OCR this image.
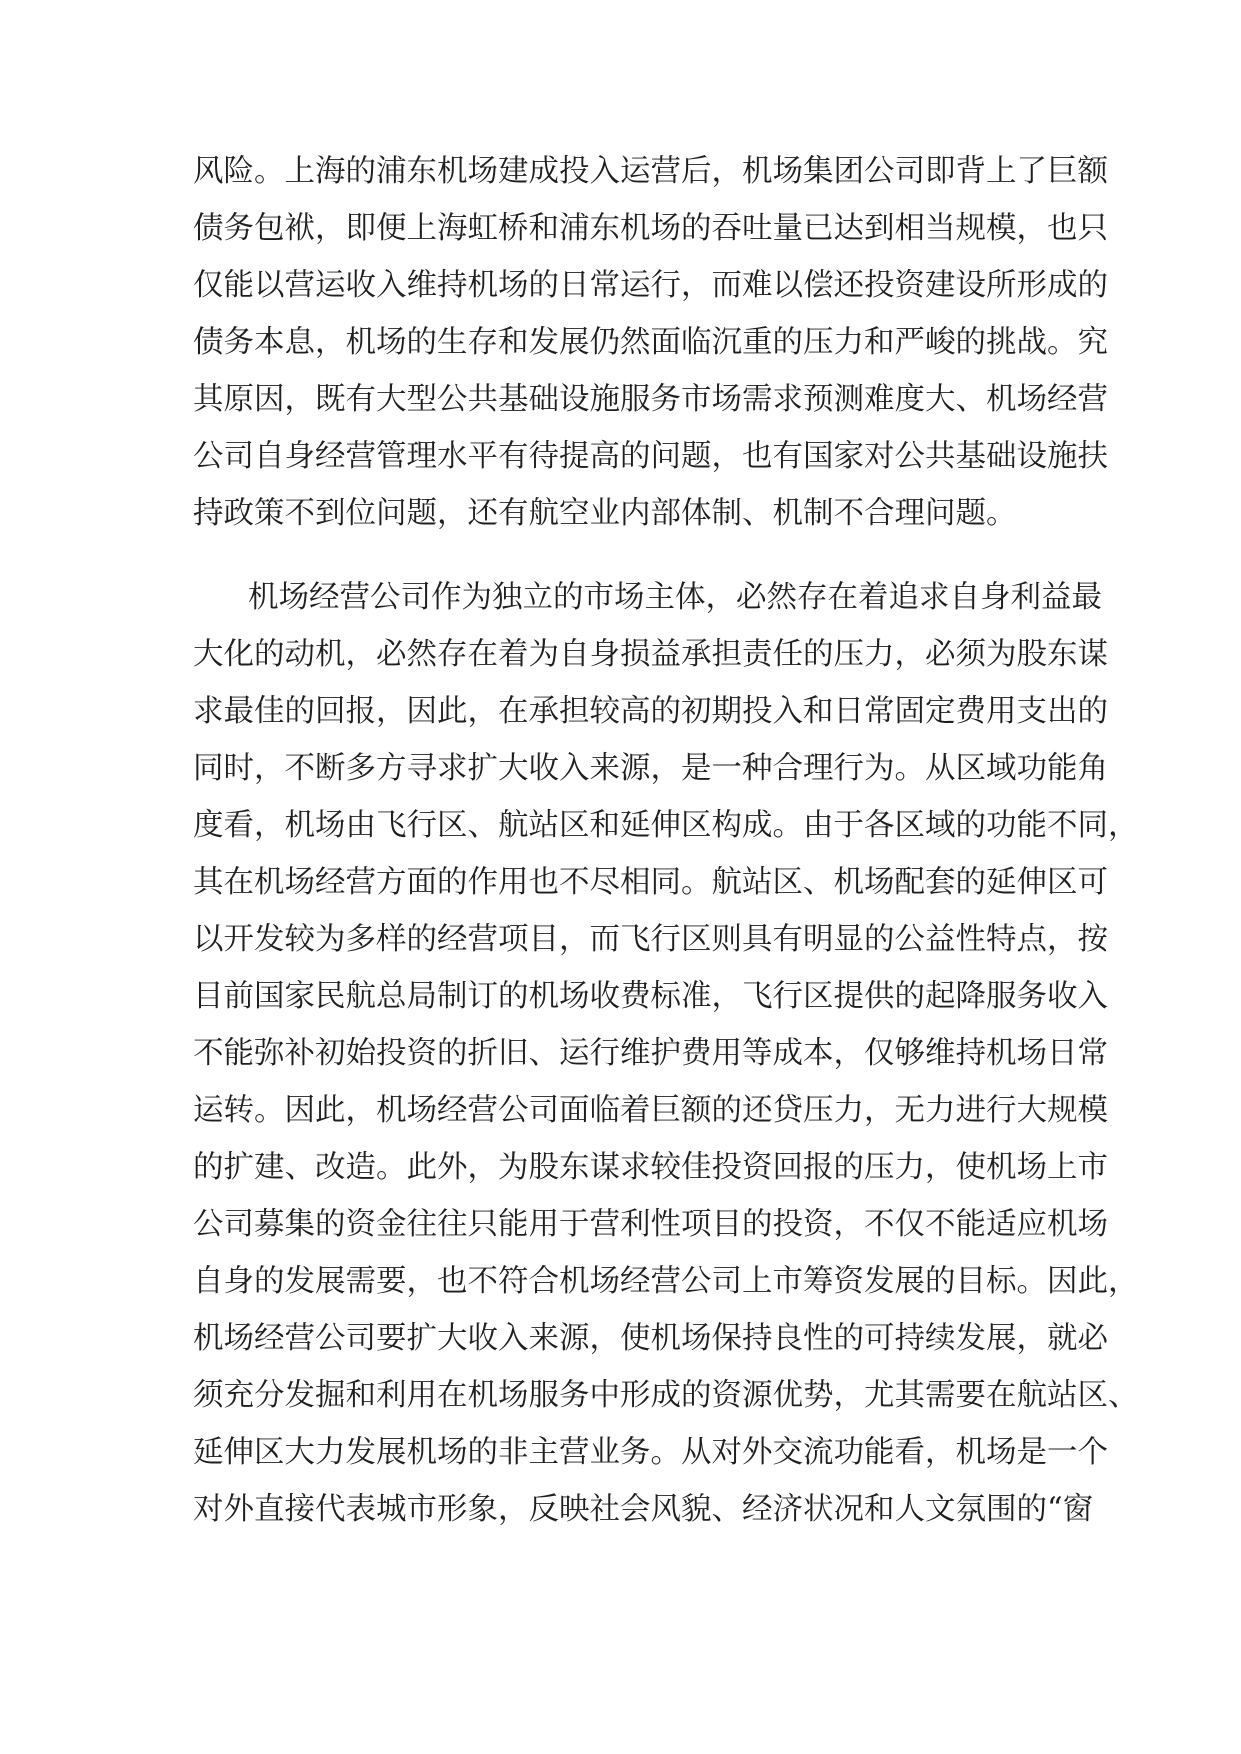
风险。上海的浦东机场建成投入运营后，机场集团公司即背上了巨额
债务包袱，即便上海虹桥和浦东机场的吞吐量已达到相当规模，也只
仅能以营运收入维持机场的日常运行，而难以偿还投资建设所形成的
债务本息，机场的生存和发展仍然面临沉重的压力和严峻的挑战。究
其原因，既有大型公共基础设施服务市场需求预测难度大、机场经营
公司自身经营管理水平有待提高的问题，也有国家对公共基础设施扶
持政策不到位问题，还有航空业内部体制、机制不合理问题。
机场经营公司作为独立的市场主体，必然存在着追求自身利益最
大化的动机，必然存在着为自身损益承担责任的压力，必须为股东谋
求最佳的回报，因此，在承担较高的初期投入和日常固定费用支出的
同时，不断多方寻求扩大收入来源，是一种合理行为。从区域功能角
度看，机场由飞行区、航站区和延伸区构成。由于各区域的功能不同，
其在机场经营方面的作用也不尽相同。航站区、机场配套的延伸区可
以开发较为多样的经营项目，而飞行区则具有明显的公益性特点，按
目前国家民航总局制订的机场收费标准，飞行区提供的起降服务收入
不能弥补初始投资的折旧、运行维护费用等成本，仅够维持机场日常
运转。因此，机场经营公司面临着巨额的还贷压力，无力进行大规模
的扩建、改造。此外，为股东谋求较佳投资回报的压力，使机场上市
公司募集的资金往往只能用于营利性项目的投资，不仅不能适应机场
自身的发展需要，也不符合机场经营公司上市筹资发展的目标。因此，
机场经营公司要扩大收入来源，使机场保持良性的可持续发展，就必
须充分发掘和利用在机场服务中形成的资源优势，尤其需要在航站区、
延伸区大力发展机场的非主营业务。从对外交流功能看，机场是一个
对外直接代表城市形象，反映社会风貌、经济状况和人文氛围的“窗
